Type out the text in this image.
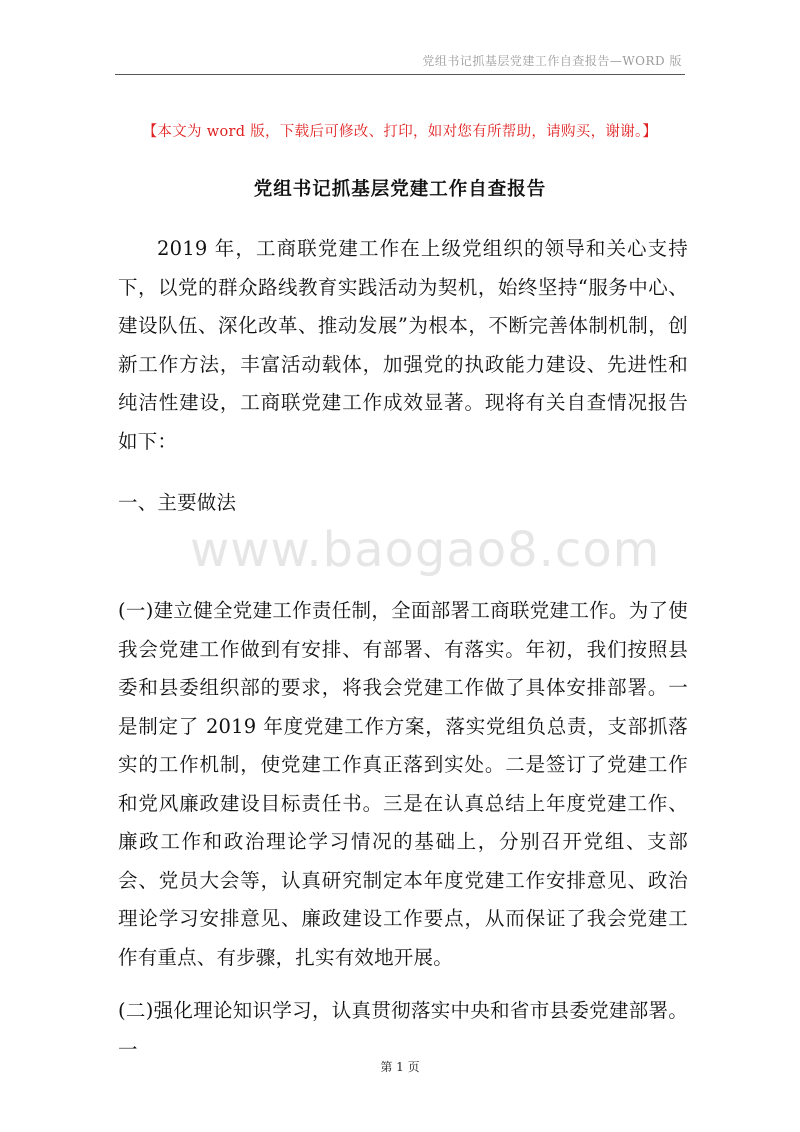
党组书记抓基层党建工作自查报告—WORD 版
【本文为 word 版，下载后可修改、打印，如对您有所帮助，请购买，谢谢。】
党组书记抓基层党建工作自查报告

2019 年，工商联党建工作在上级党组织的领导和关心支持下，以党的群众路线教育实践活动为契机，始终坚持“服务中心、建设队伍、深化改革、推动发展”为根本，不断完善体制机制，创新工作方法，丰富活动载体，加强党的执政能力建设、先进性和纯洁性建设，工商联党建工作成效显著。现将有关自查情况报告如下：

一、主要做法

www.baogao8.com

(一)建立健全党建工作责任制，全面部署工商联党建工作。为了使我会党建工作做到有安排、有部署、有落实。年初，我们按照县委和县委组织部的要求，将我会党建工作做了具体安排部署。一是制定了 2019 年度党建工作方案，落实党组负总责，支部抓落实的工作机制，使党建工作真正落到实处。二是签订了党建工作和党风廉政建设目标责任书。三是在认真总结上年度党建工作、廉政工作和政治理论学习情况的基础上，分别召开党组、支部会、党员大会等，认真研究制定本年度党建工作安排意见、政治理论学习安排意见、廉政建设工作要点，从而保证了我会党建工作有重点、有步骤，扎实有效地开展。

(二)强化理论知识学习，认真贯彻落实中央和省市县委党建部署。一

第 1 页
